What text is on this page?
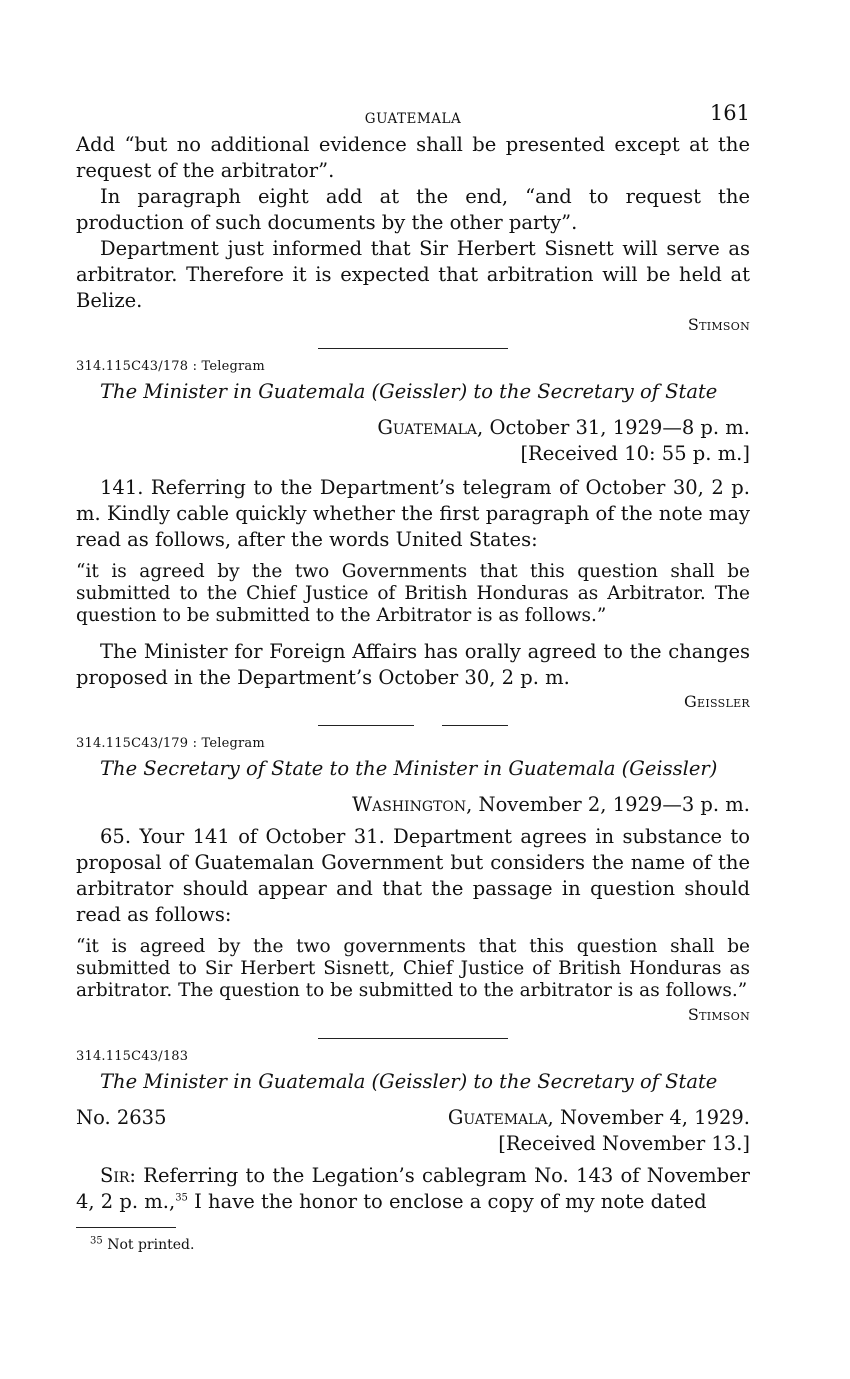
GUATEMALA	161

Add “but no additional evidence shall be presented except at the request of the arbitrator”.

In paragraph eight add at the end, “and to request the production of such documents by the other party”.

Department just informed that Sir Herbert Sisnett will serve as arbitrator. Therefore it is expected that arbitration will be held at Belize.

Stimson
314.115C43/178 : Telegram
The Minister in Guatemala (Geissler) to the Secretary of State
Guatemala, October 31, 1929—8 p. m.
[Received 10: 55 p. m.]

141. Referring to the Department’s telegram of October 30, 2 p. m. Kindly cable quickly whether the first paragraph of the note may read as follows, after the words United States:

“it is agreed by the two Governments that this question shall be submitted to the Chief Justice of British Honduras as Arbitrator. The question to be submitted to the Arbitrator is as follows.”

The Minister for Foreign Affairs has orally agreed to the changes proposed in the Department’s October 30, 2 p. m.

Geissler
314.115C43/179 : Telegram
The Secretary of State to the Minister in Guatemala (Geissler)
Washington, November 2, 1929—3 p. m.

65. Your 141 of October 31. Department agrees in substance to proposal of Guatemalan Government but considers the name of the arbitrator should appear and that the passage in question should read as follows:

“it is agreed by the two governments that this question shall be submitted to Sir Herbert Sisnett, Chief Justice of British Honduras as arbitrator. The question to be submitted to the arbitrator is as follows.”
Stimson
314.115C43/183
The Minister in Guatemala (Geissler) to the Secretary of State
No. 2635	Guatemala, November 4, 1929.
[Received November 13.]

Sir: Referring to the Legation’s cablegram No. 143 of November 4, 2 p. m.,$^{35}$ I have the honor to enclose a copy of my note dated

$^{35}$ Not printed.
